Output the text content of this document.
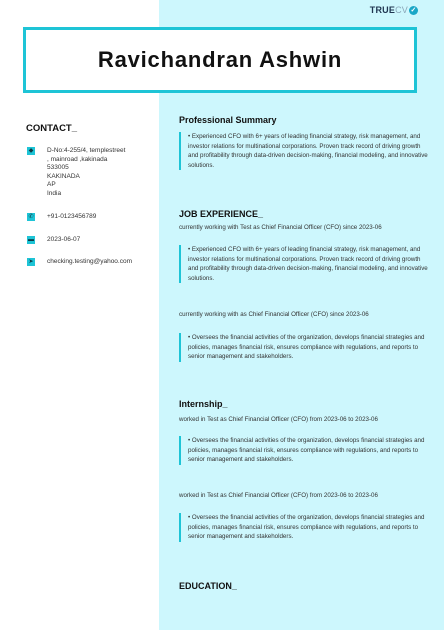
TRUE CV ✓
Ravichandran Ashwin
CONTACT_
◆ D-No:4-255/4, templestreet
, mainroad ,kakinada
533005
KAKINADA
AP
India
✆ +91-0123456789
▬ 2023-06-07
➤ checking.testing@yahoo.com
Professional Summary
• Experienced CFO with 6+ years of leading financial strategy, risk management, and investor relations for multinational corporations. Proven track record of driving growth and profitability through data-driven decision-making, financial modeling, and innovative solutions.
JOB EXPERIENCE_
currently working with Test as Chief Financial Officer (CFO) since 2023-06
• Experienced CFO with 6+ years of leading financial strategy, risk management, and investor relations for multinational corporations. Proven track record of driving growth and profitability through data-driven decision-making, financial modeling, and innovative solutions.
currently working with as Chief Financial Officer (CFO) since 2023-06
• Oversees the financial activities of the organization, develops financial strategies and policies, manages financial risk, ensures compliance with regulations, and reports to senior management and stakeholders.
Internship_
worked in Test as Chief Financial Officer (CFO) from 2023-06 to 2023-06
• Oversees the financial activities of the organization, develops financial strategies and policies, manages financial risk, ensures compliance with regulations, and reports to senior management and stakeholders.
worked in Test as Chief Financial Officer (CFO) from 2023-06 to 2023-06
• Oversees the financial activities of the organization, develops financial strategies and policies, manages financial risk, ensures compliance with regulations, and reports to senior management and stakeholders.
EDUCATION_
